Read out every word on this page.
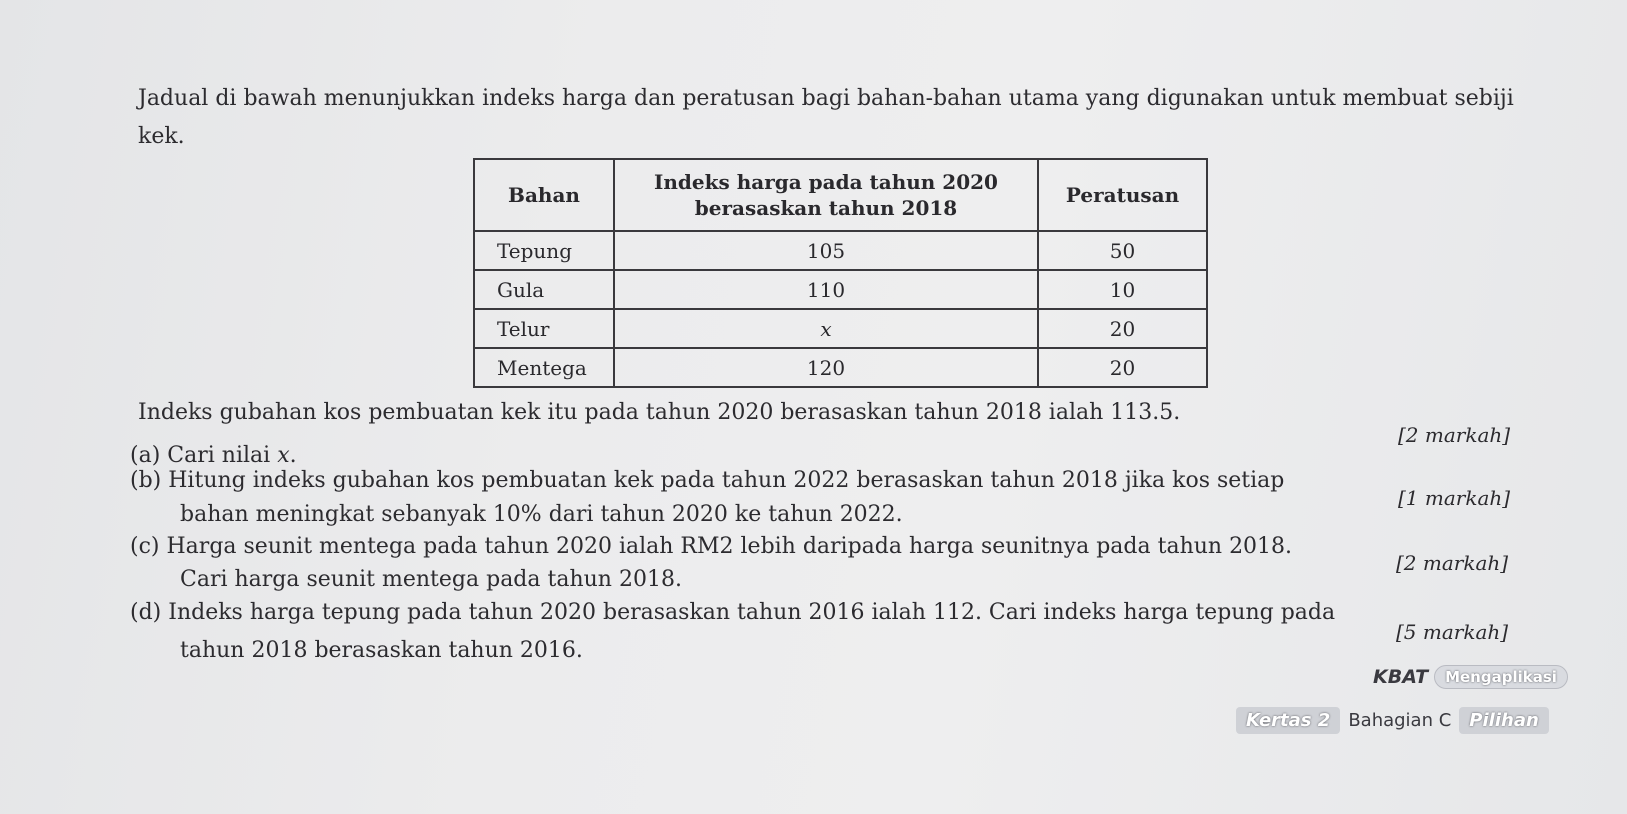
Jadual di bawah menunjukkan indeks harga dan peratusan bagi bahan-bahan utama yang digunakan untuk membuat sebiji kek.

Bahan	Indeks harga pada tahun 2020 berasaskan tahun 2018	Peratusan
Tepung	105	50
Gula	110	10
Telur	x	20
Mentega	120	20

Indeks gubahan kos pembuatan kek itu pada tahun 2020 berasaskan tahun 2018 ialah 113.5.

[2 markah]

(a) Cari nilai x.

(b) Hitung indeks gubahan kos pembuatan kek pada tahun 2022 berasaskan tahun 2018 jika kos setiap

[1 markah]

bahan meningkat sebanyak 10% dari tahun 2020 ke tahun 2022.

(c) Harga seunit mentega pada tahun 2020 ialah RM2 lebih daripada harga seunitnya pada tahun 2018.

[2 markah]

Cari harga seunit mentega pada tahun 2018.

(d) Indeks harga tepung pada tahun 2020 berasaskan tahun 2016 ialah 112. Cari indeks harga tepung pada

[5 markah]

tahun 2018 berasaskan tahun 2016.

KBAT	Mengaplikasi
Kertas 2	Bahagian C	Pilihan
